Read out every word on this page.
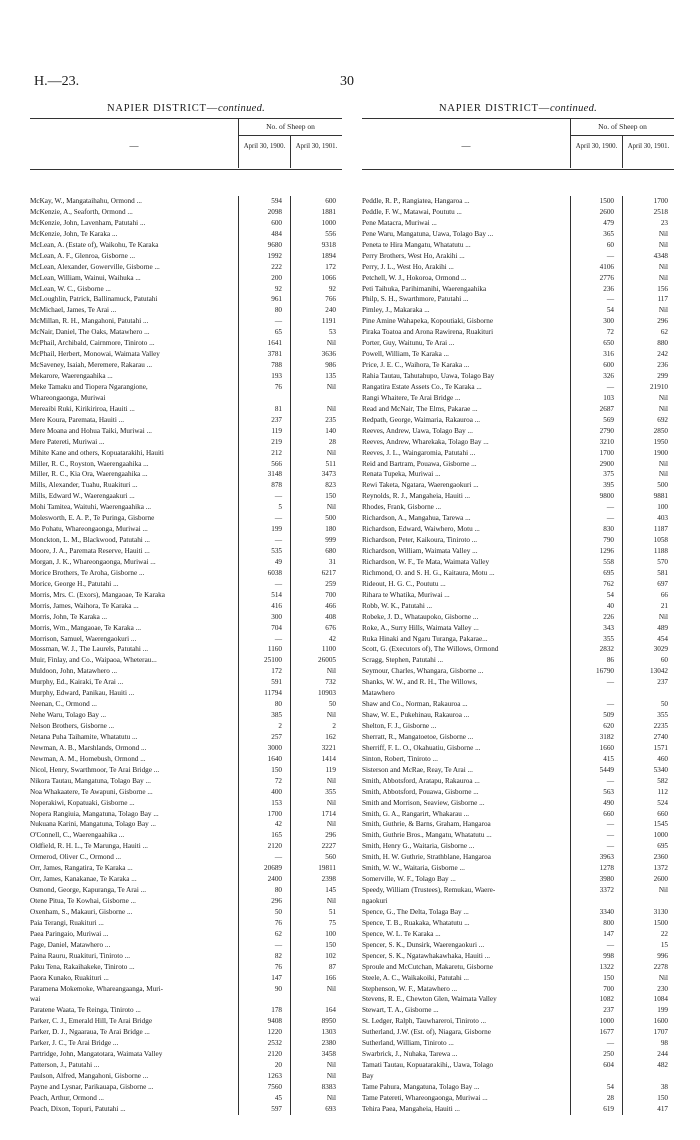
H.—23.	30
NAPIER DISTRICT—continued.
—
No. of Sheep on
April 30, 1900.	April 30, 1901.
McKay, W., Mangataihahu, Ormond ...	594	600
McKenzie, A., Seaforth, Ormond ...	2098	1881
McKenzie, John, Lavenham, Patutahi ...	600	1000
McKenzie, John, Te Karaka ...	484	556
McLean, A. (Estate of), Waikohu, Te Karaka	9680	9318
McLean, A. F., Glenroa, Gisborne ...	1992	1894
McLean, Alexander, Gowerville, Gisborne ...	222	172
McLean, William, Wainui, Waihuka ...	200	1066
McLean, W. C., Gisborne ...	92	92
McLoughlin, Patrick, Ballinamuck, Patutahi	961	766
McMichael, James, Te Arai ...	80	240
McMillan, R. H., Mangahoni, Patutahi ...	—	1191
McNair, Daniel, The Oaks, Matawhero ...	65	53
McPhail, Archibald, Cairnmore, Tiniroto ...	1641	Nil
McPhail, Herbert, Monowai, Waimata Valley	3781	3636
McSaveney, Isaiah, Meremere, Rakarau ...	788	986
Mekarore, Waerengaahika ...	193	135
Meke Tamaku and Tiopera Ngarangione,	76	Nil
Whareongaonga, Muriwai
Mereaibi Ruki, Kirikiriroa, Hauiti ...	81	Nil
Mere Koura, Paremata, Hauiti ...	237	235
Mere Moana and Hohua Taiki, Muriwai ...	119	140
Mere Patereti, Muriwai ...	219	28
Mihite Kane and others, Kopuatarakihi, Hauiti	212	Nil
Miller, R. C., Royston, Waerengaahika ...	566	511
Miller, R. C., Kia Ora, Waerengaahika ...	3148	3473
Mills, Alexander, Tuahu, Ruakituri ...	878	823
Mills, Edward W., Waerengaakuri ...	—	150
Mohi Tamitea, Waituhi, Waerengaahika ...	5	Nil
Molesworth, E. A. P., Te Puringa, Gisborne	—	500
Mo Pohatu, Whareongaonga, Muriwai ...	199	180
Monckton, L. M., Blackwood, Patutahi ...	—	999
Moore, J. A., Paremata Reserve, Hauiti ...	535	680
Morgan, J. K., Whareongaonga, Muriwai ...	49	31
Morice Brothers, Te Aroha, Gisborne ...	6038	6217
Morice, George H., Patutahi ...	—	259
Morris, Mrs. C. (Exors), Mangaoae, Te Karaka	514	700
Morris, James, Waihora, Te Karaka ...	416	466
Morris, John, Te Karaka ...	300	408
Morris, Wm., Mangaoae, Te Karaka ...	704	676
Morrison, Samuel, Waerengaokuri ...	—	42
Mossman, W. J., The Laurels, Patutahi ...	1160	1100
Muir, Finlay, and Co., Waipaoa, Wheterau...	25100	26005
Muldoon, John, Matawhero ...	172	Nil
Murphy, Ed., Kairaki, Te Arai ...	591	732
Murphy, Edward, Panikau, Hauiti ...	11794	10903
Neenan, C., Ormond ...	80	50
Nehe Waru, Tolago Bay ...	385	Nil
Nelson Brothers, Gisborne ...	2	2
Netana Puha Taihamite, Whatatutu ...	257	162
Newman, A. B., Marshlands, Ormond ...	3000	3221
Newman, A. M., Homebush, Ormond ...	1640	1414
Nicol, Henry, Swarthmoor, Te Arai Bridge ...	150	119
Nikora Tautau, Mangatuna, Tolago Bay ...	72	Nil
Noa Whakaatere, Te Awapuni, Gisborne ...	400	355
Noperakiwi, Kopatuaki, Gisborne ...	153	Nil
Nopera Rangiuia, Mangatuna, Tolago Bay ...	1700	1714
Nukuana Karini, Mangatuna, Tolago Bay ...	42	Nil
O'Connell, C., Waerengaahika ...	165	296
Oldfield, R. H. L., Te Marunga, Hauiti ...	2120	2227
Ormerod, Oliver C., Ormond ...	—	560
Orr, James, Rangatira, Te Karaka ...	20689	19811
Orr, James, Kanakanae, Te Karaka ...	2400	2398
Osmond, George, Kapuranga, Te Arai ...	80	145
Otene Pitua, Te Kowhai, Gisborne ...	296	Nil
Oxenham, S., Makauri, Gisborne ...	50	51
Paia Terangi, Ruakituri ...	76	75
Paea Paringaio, Muriwai ...	62	100
Page, Daniel, Matawhero ...	—	150
Paina Rauru, Ruakituri, Tiniroto ...	82	102
Paku Tena, Rakaihakeke, Tiniroto ...	76	87
Paora Kunako, Ruakituri ...	147	166
Paramena Mokemoke, Whareangaanga, Muri-	90	Nil
wai
Paratene Waata, Te Reinga, Tiniroto ...	178	164
Parker, C. J., Emerald Hill, Te Arai Bridge	9408	8950
Parker, D. J., Ngaaraua, Te Arai Bridge ...	1220	1303
Parker, J. C., Te Arai Bridge ...	2532	2380
Partridge, John, Mangatotara, Waimata Valley	2120	3458
Patterson, J., Patutahi ...	20	Nil
Paulson, Alfred, Mangahoni, Gisborne ...	1263	Nil
Payne and Lysnar, Parikauapa, Gisborne ...	7560	8383
Peach, Arthur, Ormond ...	45	Nil
Peach, Dixon, Topuri, Patutahi ...	597	693
NAPIER DISTRICT—continued.
—
No. of Sheep on
April 30, 1900.	April 30, 1901.
Peddle, R. P., Rangiatea, Hangaroa ...	1500	1700
Peddle, F. W., Matawai, Poututu ...	2600	2518
Pene Matacra, Muriwai ...	479	23
Pene Waru, Mangatuna, Uawa, Tolago Bay ...	365	Nil
Peneta te Hira Mangatu, Whatatutu ...	60	Nil
Perry Brothers, West Ho, Arakihi ...	—	4348
Perry, J. L., West Ho, Arakihi ...	4106	Nil
Petchell, W. J., Hokoroa, Ormond ...	2776	Nil
Peti Taihuka, Parihimanihi, Waerengaahika	236	156
Philp, S. H., Swarthmore, Patutahi ...	—	117
Pimley, J., Makaraka ...	54	Nil
Pine Amine Wahapeka, Kopoutiaki, Gisborne	300	296
Piraka Toatoa and Arona Rawirena, Ruakituri	72	62
Porter, Guy, Waitunu, Te Arai ...	650	880
Powell, William, Te Karaka ...	316	242
Price, J. E. C., Waihora, Te Karaka ...	600	236
Rahia Tautau, Tahutahupo, Uawa, Tolago Bay	326	299
Rangatira Estate Assets Co., Te Karaka ...	—	21910
Rangi Whaitere, Te Arai Bridge ...	103	Nil
Read and McNair, The Elms, Pakarae ...	2687	Nil
Redpath, George, Waimaria, Rakauroa ...	569	692
Reeves, Andrew, Uawa, Tolago Bay ...	2790	2850
Reeves, Andrew, Wharekaka, Tolago Bay ...	3210	1950
Reeves, J. L., Waingaromia, Patutahi ...	1700	1900
Reid and Bartram, Pouawa, Gisborne ...	2900	Nil
Renata Tupeka, Muriwai ...	375	Nil
Rewi Taketa, Ngatara, Waerengaokuri ...	395	500
Reynolds, R. J., Mangaheia, Hauiti ...	9800	9881
Rhodes, Frank, Gisborne ...	—	100
Richardson, A., Mangahua, Tarewa ...	—	403
Richardson, Edward, Waiwhero, Motu ...	830	1187
Richardson, Peter, Kaikoura, Tiniroto ...	790	1058
Richardson, William, Waimata Valley ...	1296	1188
Richardson, W. F., Te Mata, Waimata Valley	558	570
Richmond, O. and S. H. G., Kaitaura, Motu ...	695	581
Rideout, H. G. C., Poututu ...	762	697
Rihara te Whatika, Muriwai ...	54	66
Robb, W. K., Patutahi ...	40	21
Robeke, J. D., Whataupoko, Gisborne ...	226	Nil
Roke, A., Surry Hills, Waimata Valley ...	343	489
Ruka Hinaki and Ngaru Turanga, Pakarae...	355	454
Scott, G. (Executors of), The Willows, Ormond	2832	3029
Scragg, Stephen, Patutahi ...	86	60
Seymour, Charles, Whangara, Gisborne ...	16790	13042
Shanks, W. W., and R. H., The Willows,	—	237
Matawhero
Shaw and Co., Norman, Rakauroa ...	—	50
Shaw, W. E., Pukehinau, Rakauroa ...	509	355
Shelton, F. J., Gisborne ...	620	2235
Sherratt, R., Mangatoetoe, Gisborne ...	3182	2740
Sherriff, F. L. O., Okahuatiu, Gisborne ...	1660	1571
Sinton, Robert, Tiniroto ...	415	460
Sisterson and McRae, Reay, Te Arai ...	5449	5340
Smith, Abbotsford, Aratapu, Rakauroa ...	—	582
Smith, Abbotsford, Pouawa, Gisborne ...	563	112
Smith and Morrison, Seaview, Gisborne ...	490	524
Smith, G. A., Rangarirt, Whakarau ...	660	660
Smith, Guthrie, & Barns, Graham, Hangaroa	—	1545
Smith, Guthrie Bros., Mangatu, Whatatutu ...	—	1000
Smith, Henry G., Waitaria, Gisborne ...	—	695
Smith, H. W. Guthrie, Strathblane, Hangaroa	3963	2360
Smith, W. W., Waitaria, Gisborne ...	1278	1372
Somerville, W. F., Tolago Bay ...	3980	2600
Speedy, William (Trustees), Remukau, Waere-	3372	Nil
ngaokuri
Spence, G., The Delta, Tolaga Bay ...	3340	3130
Spence, T. B., Ruakaka, Whatatutu ...	800	1500
Spence, W. L. Te Karaka ...	147	22
Spencer, S. K., Dunsirk, Waerengaokuri ...	—	15
Spencer, S. K., Ngatawhakawhaka, Hauiti ...	998	996
Sproule and McCutchan, Makaretu, Gisborne	1322	2278
Steele, A. C., Waikakoiki, Patutahi ...	150	Nil
Stephenson, W. F., Matawhero ...	700	230
Stevens, R. E., Chewton Glen, Waimata Valley	1082	1084
Stewart, T. A., Gisborne ...	237	199
St. Ledger, Ralph, Tauwhareroi, Tiniroto ...	1000	1600
Sutherland, J.W. (Est. of), Niagara, Gisborne	1677	1707
Sutherland, William, Tiniroto ...	—	98
Swarbrick, J., Nuhaka, Tarewa ...	250	244
Tamati Tautau, Kopuatarakihi,, Uawa, Tolago	604	482
Bay
Tame Pahura, Mangatuna, Tolago Bay ...	54	38
Tame Patereti, Whareongaonga, Muriwai ...	28	150
Tehira Paea, Mangaheia, Hauiti ...	619	417
